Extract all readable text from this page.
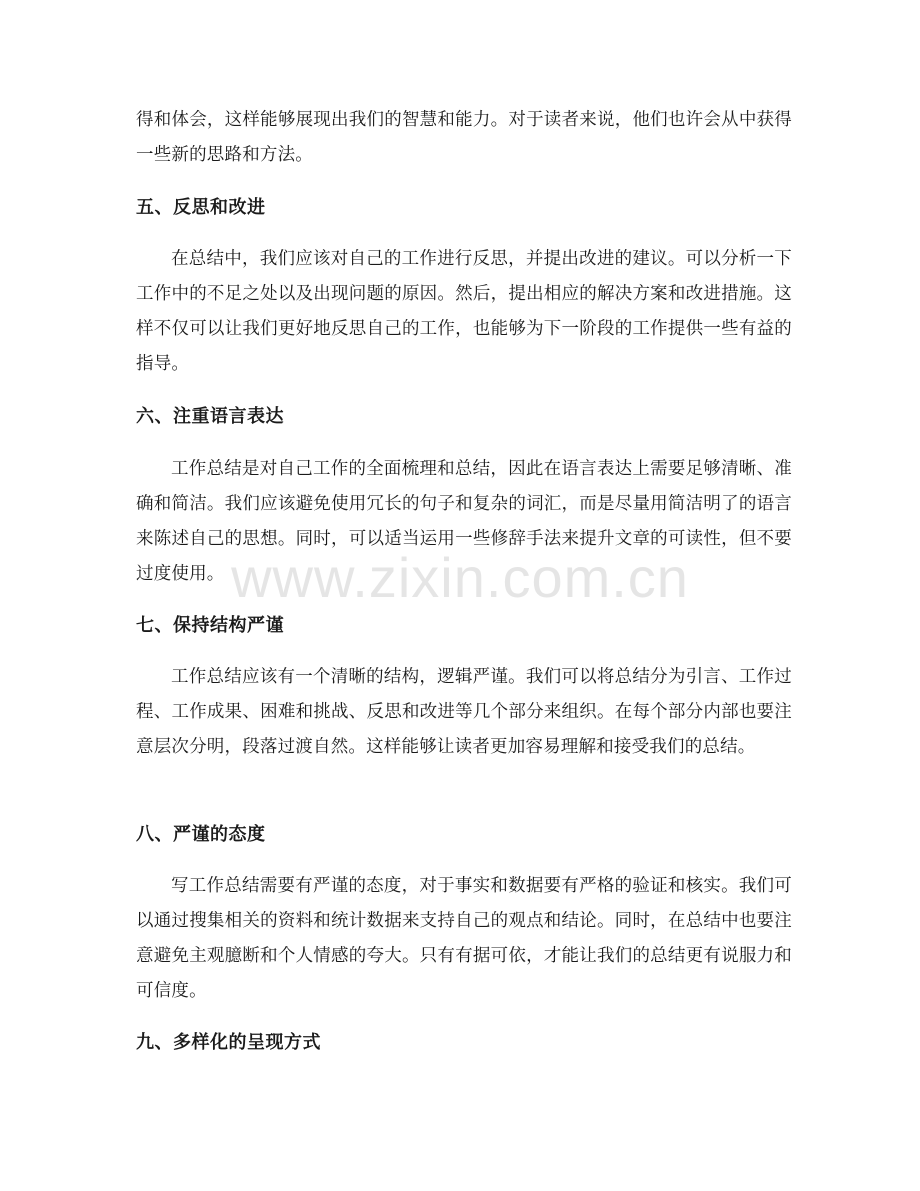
得和体会，这样能够展现出我们的智慧和能力。对于读者来说，他们也许会从中获得一些新的思路和方法。

五、反思和改进

在总结中，我们应该对自己的工作进行反思，并提出改进的建议。可以分析一下工作中的不足之处以及出现问题的原因。然后，提出相应的解决方案和改进措施。这样不仅可以让我们更好地反思自己的工作，也能够为下一阶段的工作提供一些有益的指导。

六、注重语言表达

工作总结是对自己工作的全面梳理和总结，因此在语言表达上需要足够清晰、准确和简洁。我们应该避免使用冗长的句子和复杂的词汇，而是尽量用简洁明了的语言来陈述自己的思想。同时，可以适当运用一些修辞手法来提升文章的可读性，但不要过度使用。

七、保持结构严谨

工作总结应该有一个清晰的结构，逻辑严谨。我们可以将总结分为引言、工作过程、工作成果、困难和挑战、反思和改进等几个部分来组织。在每个部分内部也要注意层次分明，段落过渡自然。这样能够让读者更加容易理解和接受我们的总结。

八、严谨的态度

写工作总结需要有严谨的态度，对于事实和数据要有严格的验证和核实。我们可以通过搜集相关的资料和统计数据来支持自己的观点和结论。同时，在总结中也要注意避免主观臆断和个人情感的夸大。只有有据可依，才能让我们的总结更有说服力和可信度。

九、多样化的呈现方式
www.zixin.com.cn
